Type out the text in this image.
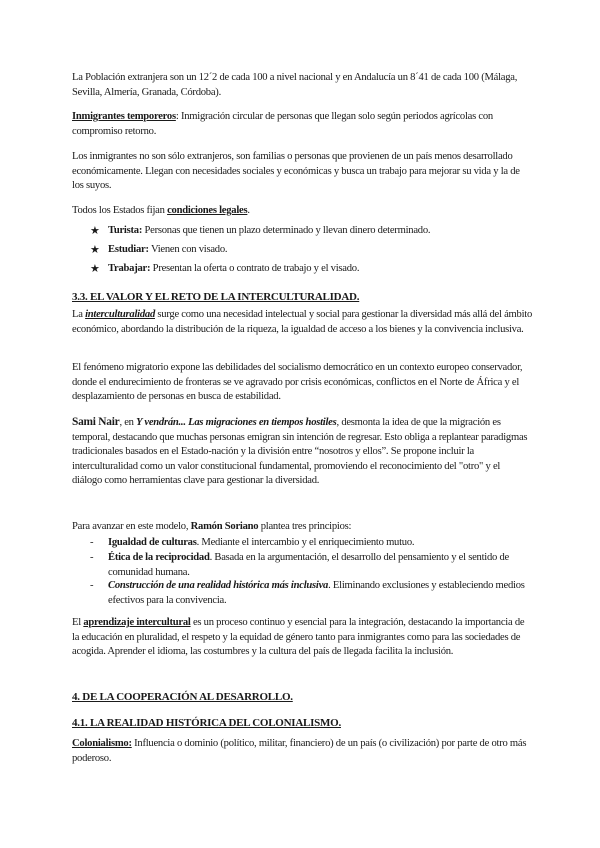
La Población extranjera son un 12´2 de cada 100 a nivel nacional y en Andalucía un 8´41 de cada 100 (Málaga, Sevilla, Almería, Granada, Córdoba).

Inmigrantes temporeros: Inmigración circular de personas que llegan solo según periodos agrícolas con compromiso retorno.

Los inmigrantes no son sólo extranjeros, son familias o personas que provienen de un país menos desarrollado económicamente. Llegan con necesidades sociales y económicas y busca un trabajo para mejorar su vida y la de los suyos.

Todos los Estados fijan condiciones legales.

★ Turista: Personas que tienen un plazo determinado y llevan dinero determinado.

★ Estudiar: Vienen con visado.

★ Trabajar: Presentan la oferta o contrato de trabajo y el visado.

3.3. EL VALOR Y EL RETO DE LA INTERCULTURALIDAD.

La interculturalidad surge como una necesidad intelectual y social para gestionar la diversidad más allá del ámbito económico, abordando la distribución de la riqueza, la igualdad de acceso a los bienes y la convivencia inclusiva.

El fenómeno migratorio expone las debilidades del socialismo democrático en un contexto europeo conservador, donde el endurecimiento de fronteras se ve agravado por crisis económicas, conflictos en el Norte de África y el desplazamiento de personas en busca de estabilidad.

Sami Nair, en Y vendrán... Las migraciones en tiempos hostiles, desmonta la idea de que la migración es temporal, destacando que muchas personas emigran sin intención de regresar. Esto obliga a replantear paradigmas tradicionales basados en el Estado-nación y la división entre “nosotros y ellos”. Se propone incluir la interculturalidad como un valor constitucional fundamental, promoviendo el reconocimiento del "otro" y el diálogo como herramientas clave para gestionar la diversidad.

Para avanzar en este modelo, Ramón Soriano plantea tres principios:

- Igualdad de culturas. Mediante el intercambio y el enriquecimiento mutuo.

- Ética de la reciprocidad. Basada en la argumentación, el desarrollo del pensamiento y el sentido de comunidad humana.

- Construcción de una realidad histórica más inclusiva. Eliminando exclusiones y estableciendo medios efectivos para la convivencia.

El aprendizaje intercultural es un proceso continuo y esencial para la integración, destacando la importancia de la educación en pluralidad, el respeto y la equidad de género tanto para inmigrantes como para las sociedades de acogida. Aprender el idioma, las costumbres y la cultura del país de llegada facilita la inclusión.

4. DE LA COOPERACIÓN AL DESARROLLO.

4.1. LA REALIDAD HISTÓRICA DEL COLONIALISMO.

Colonialismo: Influencia o dominio (político, militar, financiero) de un país (o civilización) por parte de otro más poderoso.
